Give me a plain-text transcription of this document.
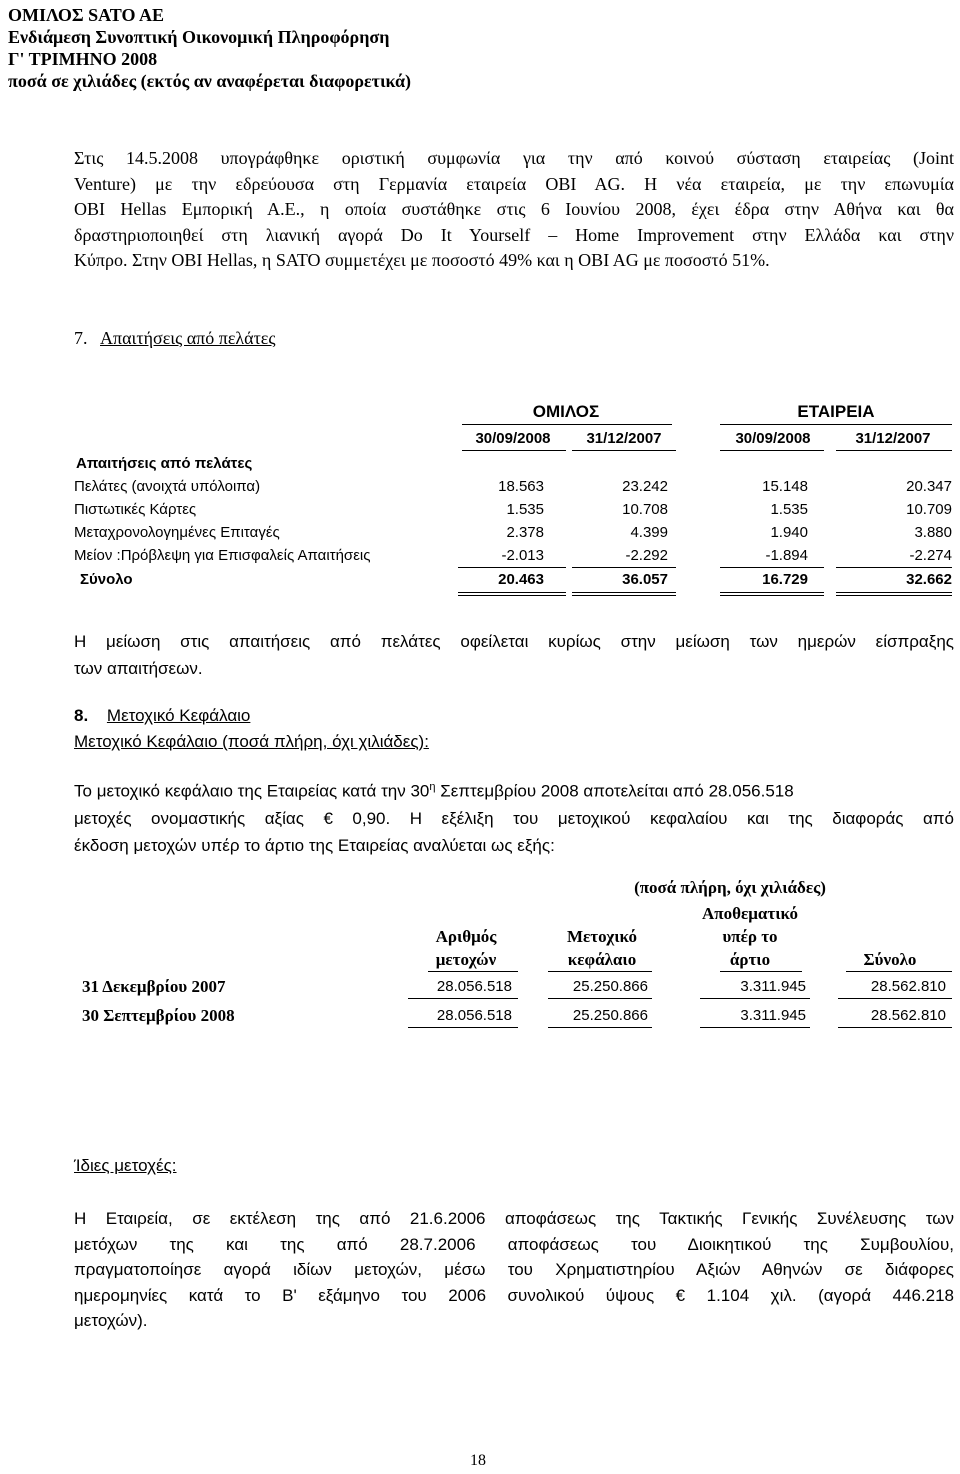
ΟΜΙΛΟΣ SATO AE
Ενδιάμεση Συνοπτική Οικονομική Πληροφόρηση
Γ' ΤΡΙΜΗΝΟ 2008
ποσά σε χιλιάδες (εκτός αν αναφέρεται διαφορετικά)
Στις 14.5.2008 υπογράφθηκε οριστική συμφωνία για την από κοινού σύσταση εταιρείας (Joint
Venture) με την εδρεύουσα στη Γερμανία εταιρεία OBI AG. Η νέα εταιρεία, με την επωνυμία
OBI Hellas Εμπορική Α.Ε., η οποία συστάθηκε στις 6 Ιουνίου 2008, έχει έδρα στην Αθήνα και θα
δραστηριοποιηθεί στη λιανική αγορά Do It Yourself – Home Improvement στην Ελλάδα και στην
Κύπρο. Στην OBI Hellas, η SATO συμμετέχει με ποσοστό 49% και η OBI AG με ποσοστό 51%.
7. Απαιτήσεις από πελάτες
ΟΜΙΛΟΣ	ΕΤΑΙΡΕΙΑ
30/09/2008	31/12/2007	30/09/2008	31/12/2007
Απαιτήσεις από πελάτες
Πελάτες (ανοιχτά υπόλοιπα)	18.563	23.242	15.148	20.347
Πιστωτικές Κάρτες	1.535	10.708	1.535	10.709
Μεταχρονολογημένες Επιταγές	2.378	4.399	1.940	3.880
Μείον :Πρόβλεψη για Επισφαλείς Απαιτήσεις	-2.013	-2.292	-1.894	-2.274
Σύνολο	20.463	36.057	16.729	32.662
Η μείωση στις απαιτήσεις από πελάτες οφείλεται κυρίως στην μείωση των ημερών είσπραξης
των απαιτήσεων.
8. Μετοχικό Κεφάλαιο
Μετοχικό Κεφάλαιο (ποσά πλήρη, όχι χιλιάδες):
Το μετοχικό κεφάλαιο της Εταιρείας κατά την $30^\eta$ Σεπτεμβρίου 2008 αποτελείται από 28.056.518
μετοχές ονομαστικής αξίας € 0,90. Η εξέλιξη του μετοχικού κεφαλαίου και της διαφοράς από
έκδοση μετοχών υπέρ το άρτιο της Εταιρείας αναλύεται ως εξής:
(ποσά πλήρη, όχι χιλιάδες)
Αποθεματικό
Αριθμός	Μετοχικό	υπέρ το
μετοχών	κεφάλαιο	άρτιο	Σύνολο
31 Δεκεμβρίου 2007	28.056.518	25.250.866	3.311.945	28.562.810
30 Σεπτεμβρίου 2008	28.056.518	25.250.866	3.311.945	28.562.810
Ίδιες μετοχές:
Η Εταιρεία, σε εκτέλεση της από 21.6.2006 αποφάσεως της Τακτικής Γενικής Συνέλευσης των
μετόχων της και της από 28.7.2006 αποφάσεως του Διοικητικού της Συμβουλίου,
πραγματοποίησε αγορά ιδίων μετοχών, μέσω του Χρηματιστηρίου Αξιών Αθηνών σε διάφορες
ημερομηνίες κατά το Β' εξάμηνο του 2006 συνολικού ύψους € 1.104 χιλ. (αγορά 446.218
μετοχών).
18
